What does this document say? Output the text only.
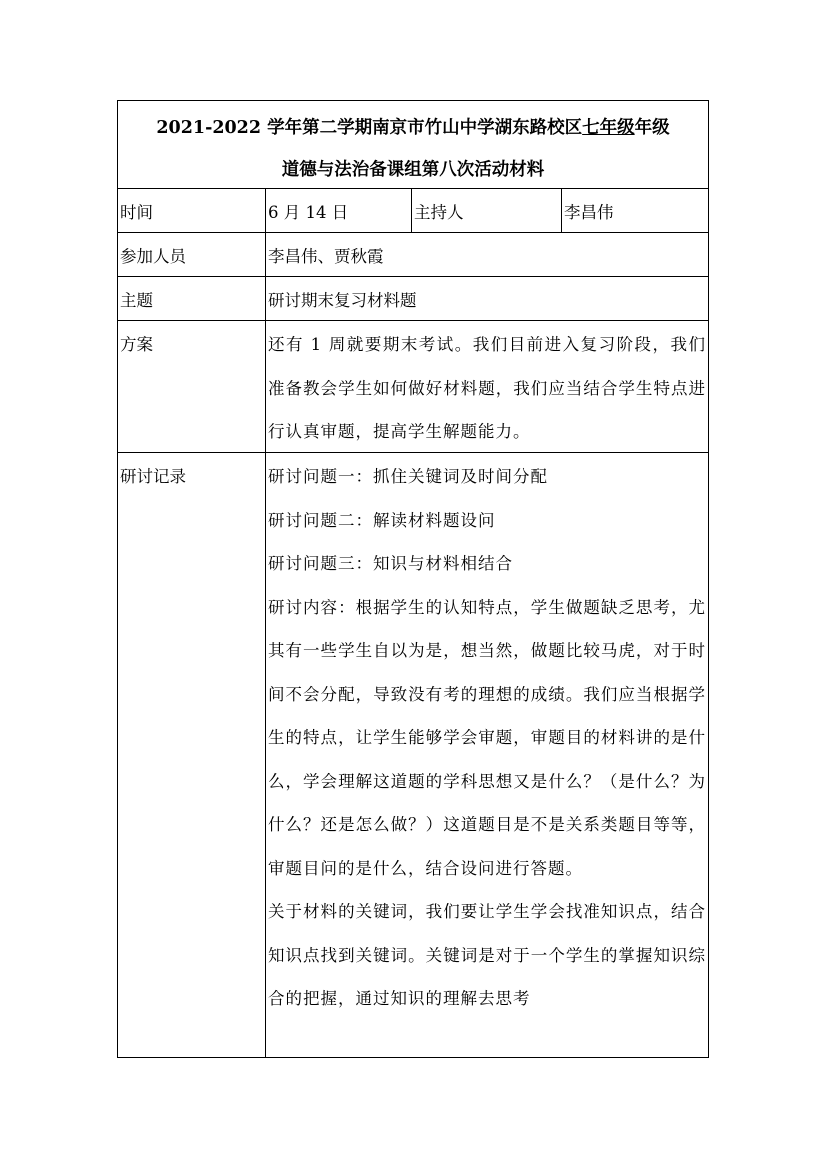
2021-2022 学年第二学期南京市竹山中学湖东路校区七年级年级
道德与法治备课组第八次活动材料
时间	6 月 14 日	主持人	李昌伟
参加人员	李昌伟、贾秋霞
主题	研讨期末复习材料题
方案	还有 1 周就要期末考试。我们目前进入复习阶段，我们准备教会学生如何做好材料题，我们应当结合学生特点进行认真审题，提高学生解题能力。
研讨记录	研讨问题一：抓住关键词及时间分配
研讨问题二：解读材料题设问
研讨问题三：知识与材料相结合
研讨内容：根据学生的认知特点，学生做题缺乏思考，尤其有一些学生自以为是，想当然，做题比较马虎，对于时间不会分配，导致没有考的理想的成绩。我们应当根据学生的特点，让学生能够学会审题，审题目的材料讲的是什么，学会理解这道题的学科思想又是什么？（是什么？为什么？还是怎么做？）这道题目是不是关系类题目等等，审题目问的是什么，结合设问进行答题。
关于材料的关键词，我们要让学生学会找准知识点，结合知识点找到关键词。关键词是对于一个学生的掌握知识综合的把握，通过知识的理解去思考
